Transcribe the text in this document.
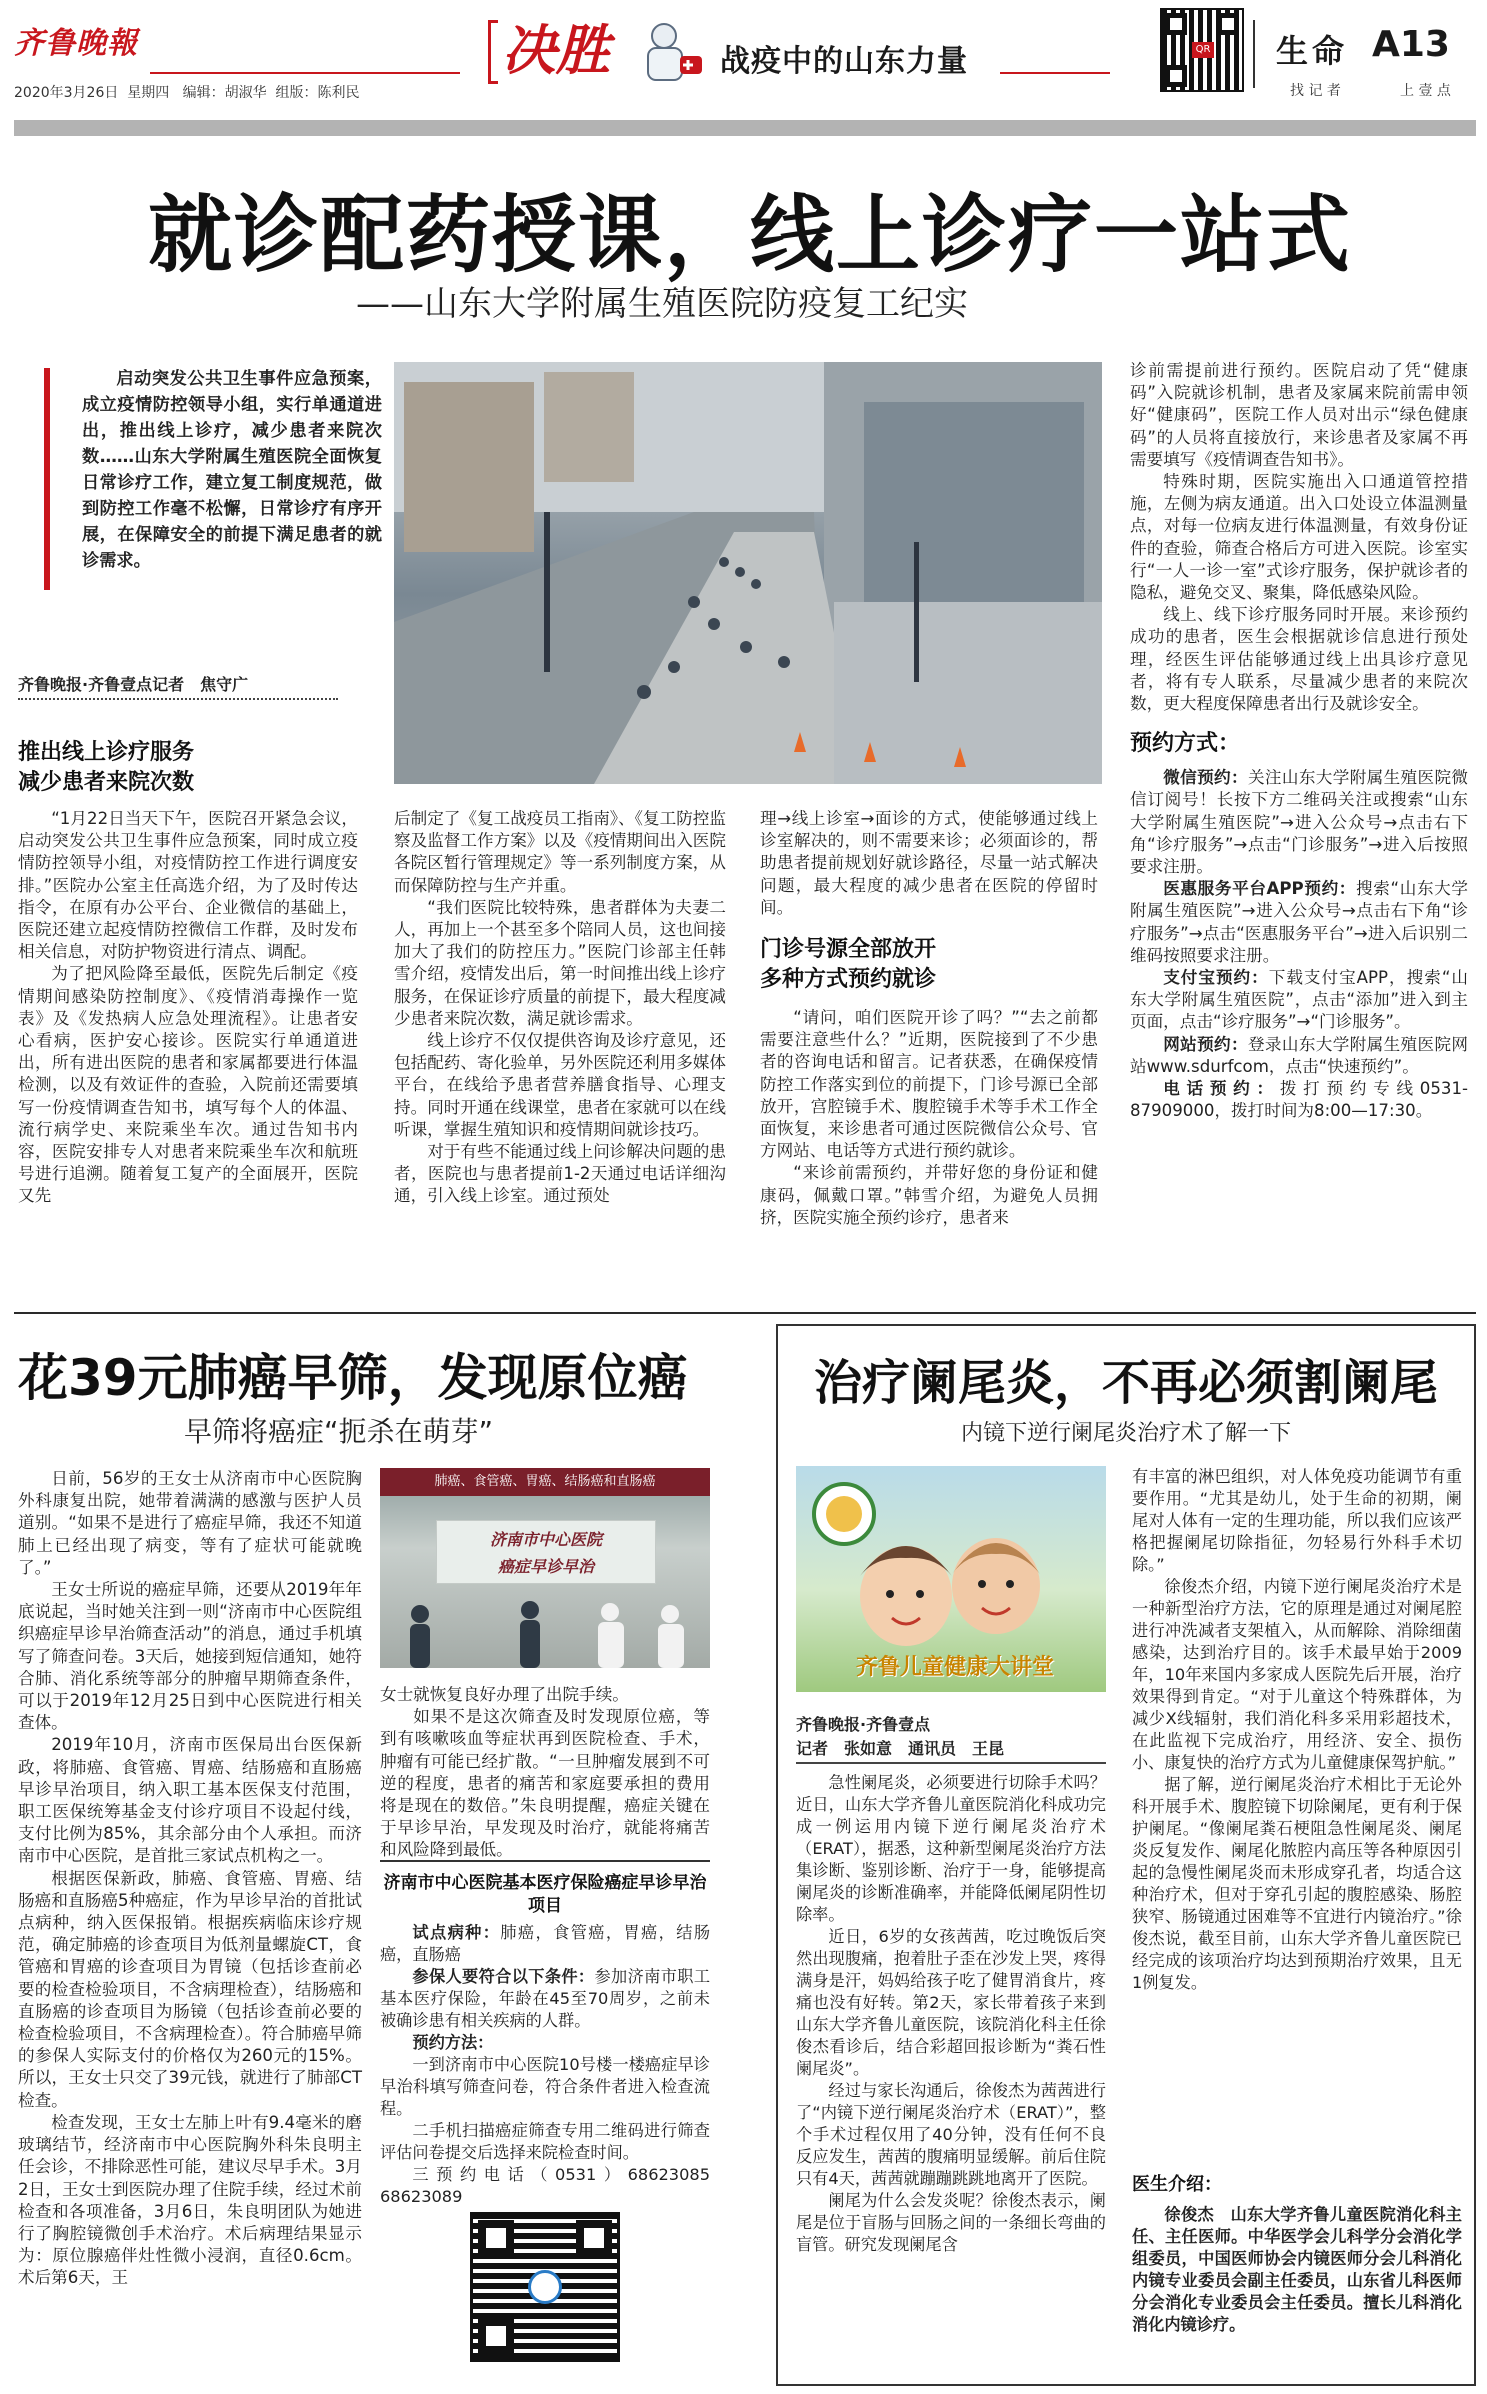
齐鲁晚報
2020年3月26日 星期四 编辑：胡淑华 组版：陈利民
决胜	战疫中的山东力量	QR 生命 A13
找 记 者	上 壹 点
就诊配药授课，线上诊疗一站式
——山东大学附属生殖医院防疫复工纪实
启动突发公共卫生事件应急预案，成立疫情防控领导小组，实行单通道进出，推出线上诊疗，减少患者来院次数……山东大学附属生殖医院全面恢复日常诊疗工作，建立复工制度规范，做到防控工作毫不松懈，日常诊疗有序开展，在保障安全的前提下满足患者的就诊需求。
齐鲁晚报·齐鲁壹点记者　焦守广
推出线上诊疗服务
减少患者来院次数

“1月22日当天下午，医院召开紧急会议，启动突发公共卫生事件应急预案，同时成立疫情防控领导小组，对疫情防控工作进行调度安排。”医院办公室主任高选介绍，为了及时传达指令，在原有办公平台、企业微信的基础上，医院还建立起疫情防控微信工作群，及时发布相关信息，对防护物资进行清点、调配。

为了把风险降至最低，医院先后制定《疫情期间感染防控制度》、《疫情消毒操作一览表》及《发热病人应急处理流程》。让患者安心看病，医护安心接诊。医院实行单通道进出，所有进出医院的患者和家属都要进行体温检测，以及有效证件的查验，入院前还需要填写一份疫情调查告知书，填写每个人的体温、流行病学史、来院乘坐车次。通过告知书内容，医院安排专人对患者来院乘坐车次和航班号进行追溯。随着复工复产的全面展开，医院又先

后制定了《复工战疫员工指南》、《复工防控监察及监督工作方案》以及《疫情期间出入医院各院区暂行管理规定》等一系列制度方案，从而保障防控与生产并重。

“我们医院比较特殊，患者群体为夫妻二人，再加上一个甚至多个陪同人员，这也间接加大了我们的防控压力。”医院门诊部主任韩雪介绍，疫情发出后，第一时间推出线上诊疗服务，在保证诊疗质量的前提下，最大程度减少患者来院次数，满足就诊需求。

线上诊疗不仅仅提供咨询及诊疗意见，还包括配药、寄化验单，另外医院还利用多媒体平台，在线给予患者营养膳食指导、心理支持。同时开通在线课堂，患者在家就可以在线听课，掌握生殖知识和疫情期间就诊技巧。

对于有些不能通过线上问诊解决问题的患者，医院也与患者提前1-2天通过电话详细沟通，引入线上诊室。通过预处

理→线上诊室→面诊的方式，使能够通过线上诊室解决的，则不需要来诊；必须面诊的，帮助患者提前规划好就诊路径，尽量一站式解决问题，最大程度的减少患者在医院的停留时间。

门诊号源全部放开
多种方式预约就诊

“请问，咱们医院开诊了吗？”“去之前都需要注意些什么？”近期，医院接到了不少患者的咨询电话和留言。记者获悉，在确保疫情防控工作落实到位的前提下，门诊号源已全部放开，宫腔镜手术、腹腔镜手术等手术工作全面恢复，来诊患者可通过医院微信公众号、官方网站、电话等方式进行预约就诊。

“来诊前需预约，并带好您的身份证和健康码，佩戴口罩。”韩雪介绍，为避免人员拥挤，医院实施全预约诊疗，患者来

诊前需提前进行预约。医院启动了凭“健康码”入院就诊机制，患者及家属来院前需申领好“健康码”，医院工作人员对出示“绿色健康码”的人员将直接放行，来诊患者及家属不再需要填写《疫情调查告知书》。

特殊时期，医院实施出入口通道管控措施，左侧为病友通道。出入口处设立体温测量点，对每一位病友进行体温测量，有效身份证件的查验，筛查合格后方可进入医院。诊室实行“一人一诊一室”式诊疗服务，保护就诊者的隐私，避免交叉、聚集，降低感染风险。

线上、线下诊疗服务同时开展。来诊预约成功的患者，医生会根据就诊信息进行预处理，经医生评估能够通过线上出具诊疗意见者，将有专人联系，尽量减少患者的来院次数，更大程度保障患者出行及就诊安全。

预约方式：

微信预约：关注山东大学附属生殖医院微信订阅号！长按下方二维码关注或搜索“山东大学附属生殖医院”→进入公众号→点击右下角“诊疗服务”→点击“门诊服务”→进入后按照要求注册。

医惠服务平台APP预约：搜索“山东大学附属生殖医院”→进入公众号→点击右下角“诊疗服务”→点击“医惠服务平台”→进入后识别二维码按照要求注册。

支付宝预约：下载支付宝APP，搜索“山东大学附属生殖医院”，点击“添加”进入到主页面，点击“诊疗服务”→“门诊服务”。

网站预约：登录山东大学附属生殖医院网站www.sdurfcom，点击“快速预约”。

电话预约：拨打预约专线0531-87909000，拨打时间为8:00—17:30。

花39元肺癌早筛，发现原位癌
早筛将癌症“扼杀在萌芽”

日前，56岁的王女士从济南市中心医院胸外科康复出院，她带着满满的感激与医护人员道别。“如果不是进行了癌症早筛，我还不知道肺上已经出现了病变，等有了症状可能就晚了。”

王女士所说的癌症早筛，还要从2019年年底说起，当时她关注到一则“济南市中心医院组织癌症早诊早治筛查活动”的消息，通过手机填写了筛查问卷。3天后，她接到短信通知，她符合肺、消化系统等部分的肿瘤早期筛查条件，可以于2019年12月25日到中心医院进行相关查体。

2019年10月，济南市医保局出台医保新政，将肺癌、食管癌、胃癌、结肠癌和直肠癌早诊早治项目，纳入职工基本医保支付范围，职工医保统筹基金支付诊疗项目不设起付线，支付比例为85%，其余部分由个人承担。而济南市中心医院，是首批三家试点机构之一。

根据医保新政，肺癌、食管癌、胃癌、结肠癌和直肠癌5种癌症，作为早诊早治的首批试点病种，纳入医保报销。根据疾病临床诊疗规范，确定肺癌的诊查项目为低剂量螺旋CT，食管癌和胃癌的诊查项目为胃镜（包括诊查前必要的检查检验项目，不含病理检查），结肠癌和直肠癌的诊查项目为肠镜（包括诊查前必要的检查检验项目，不含病理检查）。符合肺癌早筛的参保人实际支付的价格仅为260元的15%。所以，王女士只交了39元钱，就进行了肺部CT检查。

检查发现，王女士左肺上叶有9.4毫米的磨玻璃结节，经济南市中心医院胸外科朱良明主任会诊，不排除恶性可能，建议尽早手术。3月2日，王女士到医院办理了住院手续，经过术前检查和各项准备，3月6日，朱良明团队为她进行了胸腔镜微创手术治疗。术后病理结果显示为：原位腺癌伴灶性微小浸润，直径0.6cm。术后第6天，王

肺癌、食管癌、胃癌、结肠癌和直肠癌
济南市中心医院
癌症早诊早治

女士就恢复良好办理了出院手续。

如果不是这次筛查及时发现原位癌，等到有咳嗽咳血等症状再到医院检查、手术，肿瘤有可能已经扩散。“一旦肿瘤发展到不可逆的程度，患者的痛苦和家庭要承担的费用将是现在的数倍。”朱良明提醒，癌症关键在于早诊早治，早发现及时治疗，就能将痛苦和风险降到最低。

济南市中心医院基本医疗保险癌症早诊早治项目

试点病种：肺癌，食管癌，胃癌，结肠癌，直肠癌

参保人要符合以下条件：参加济南市职工基本医疗保险，年龄在45至70周岁，之前未被确诊患有相关疾病的人群。

预约方法：

一到济南市中心医院10号楼一楼癌症早诊早治科填写筛查问卷，符合条件者进入检查流程。

二手机扫描癌症筛查专用二维码进行筛查评估问卷提交后选择来院检查时间。

三预约电话（0531）68623085　68623089

治疗阑尾炎，不再必须割阑尾
内镜下逆行阑尾炎治疗术了解一下
齐鲁儿童健康大讲堂
齐鲁晚报·齐鲁壹点
记者　张如意　通讯员　王昆

急性阑尾炎，必须要进行切除手术吗？近日，山东大学齐鲁儿童医院消化科成功完成一例运用内镜下逆行阑尾炎治疗术（ERAT），据悉，这种新型阑尾炎治疗方法集诊断、鉴别诊断、治疗于一身，能够提高阑尾炎的诊断准确率，并能降低阑尾阴性切除率。

近日，6岁的女孩茜茜，吃过晚饭后突然出现腹痛，抱着肚子歪在沙发上哭，疼得满身是汗，妈妈给孩子吃了健胃消食片，疼痛也没有好转。第2天，家长带着孩子来到山东大学齐鲁儿童医院，该院消化科主任徐俊杰看诊后，结合彩超回报诊断为“粪石性阑尾炎”。

经过与家长沟通后，徐俊杰为茜茜进行了“内镜下逆行阑尾炎治疗术（ERAT）”，整个手术过程仅用了40分钟，没有任何不良反应发生，茜茜的腹痛明显缓解。前后住院只有4天，茜茜就蹦蹦跳跳地离开了医院。

阑尾为什么会发炎呢？徐俊杰表示，阑尾是位于盲肠与回肠之间的一条细长弯曲的盲管。研究发现阑尾含

有丰富的淋巴组织，对人体免疫功能调节有重要作用。“尤其是幼儿，处于生命的初期，阑尾对人体有一定的生理功能，所以我们应该严格把握阑尾切除指征，勿轻易行外科手术切除。”

徐俊杰介绍，内镜下逆行阑尾炎治疗术是一种新型治疗方法，它的原理是通过对阑尾腔进行冲洗减者支架植入，从而解除、消除细菌感染，达到治疗目的。该手术最早始于2009年，10年来国内多家成人医院先后开展，治疗效果得到肯定。“对于儿童这个特殊群体，为减少X线辐射，我们消化科多采用彩超技术，在此监视下完成治疗，用经济、安全、损伤小、康复快的治疗方式为儿童健康保驾护航。”

据了解，逆行阑尾炎治疗术相比于无论外科开展手术、腹腔镜下切除阑尾，更有利于保护阑尾。“像阑尾粪石梗阻急性阑尾炎、阑尾炎反复发作、阑尾化脓腔内高压等各种原因引起的急慢性阑尾炎而未形成穿孔者，均适合这种治疗术，但对于穿孔引起的腹腔感染、肠腔狭窄、肠镜通过困难等不宜进行内镜治疗。”徐俊杰说，截至目前，山东大学齐鲁儿童医院已经完成的该项治疗均达到预期治疗效果，且无1例复发。

医生介绍：
徐俊杰　山东大学齐鲁儿童医院消化科主任、主任医师。中华医学会儿科学分会消化学组委员，中国医师协会内镜医师分会儿科消化内镜专业委员会副主任委员，山东省儿科医师分会消化专业委员会主任委员。擅长儿科消化　消化内镜诊疗。
